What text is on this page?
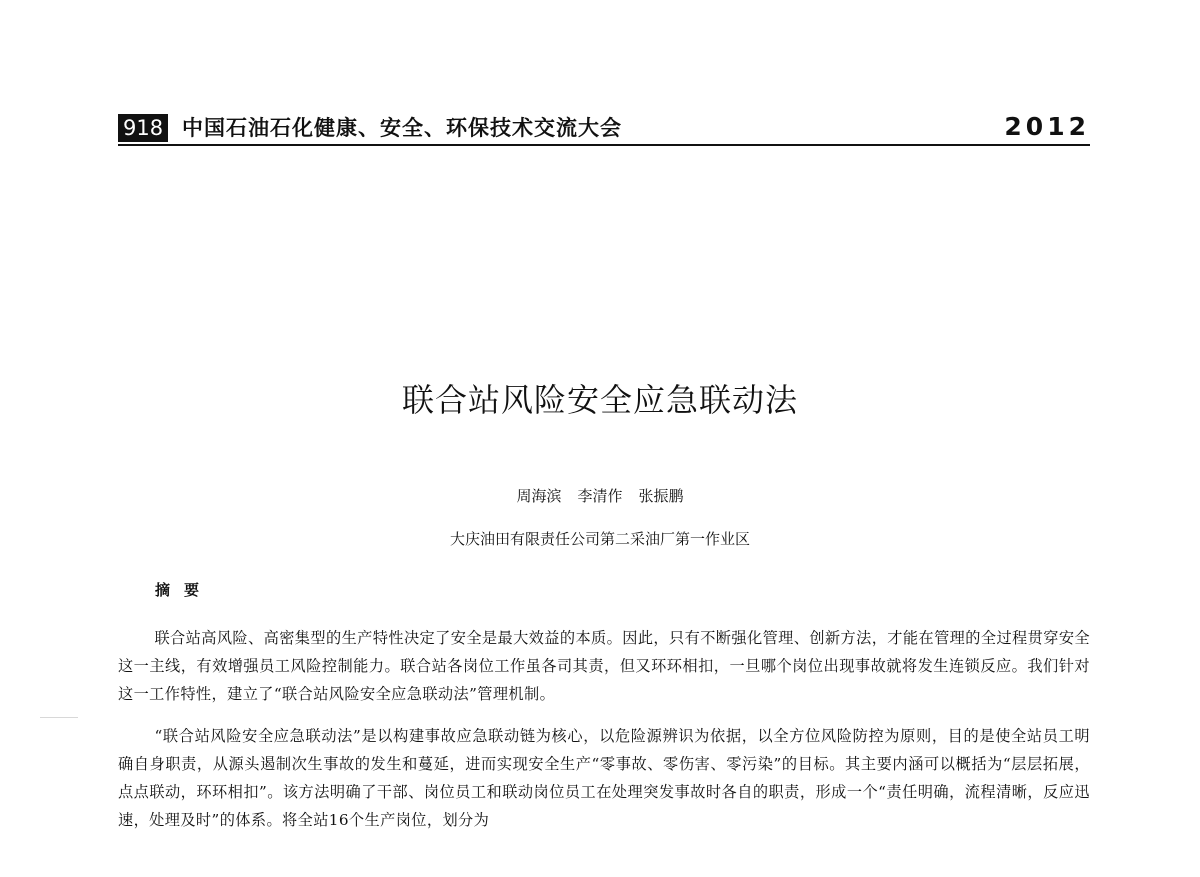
918 中国石油石化健康、安全、环保技术交流大会	2012
联合站风险安全应急联动法
周海滨 李清作 张振鹏
大庆油田有限责任公司第二采油厂第一作业区
摘要

联合站高风险、高密集型的生产特性决定了安全是最大效益的本质。因此，只有不断强化管理、创新方法，才能在管理的全过程贯穿安全这一主线，有效增强员工风险控制能力。联合站各岗位工作虽各司其责，但又环环相扣，一旦哪个岗位出现事故就将发生连锁反应。我们针对这一工作特性，建立了“联合站风险安全应急联动法”管理机制。

“联合站风险安全应急联动法”是以构建事故应急联动链为核心，以危险源辨识为依据，以全方位风险防控为原则，目的是使全站员工明确自身职责，从源头遏制次生事故的发生和蔓延，进而实现安全生产“零事故、零伤害、零污染”的目标。其主要内涵可以概括为“层层拓展，点点联动，环环相扣”。该方法明确了干部、岗位员工和联动岗位员工在处理突发事故时各自的职责，形成一个“责任明确，流程清晰，反应迅速，处理及时”的体系。将全站16个生产岗位，划分为
